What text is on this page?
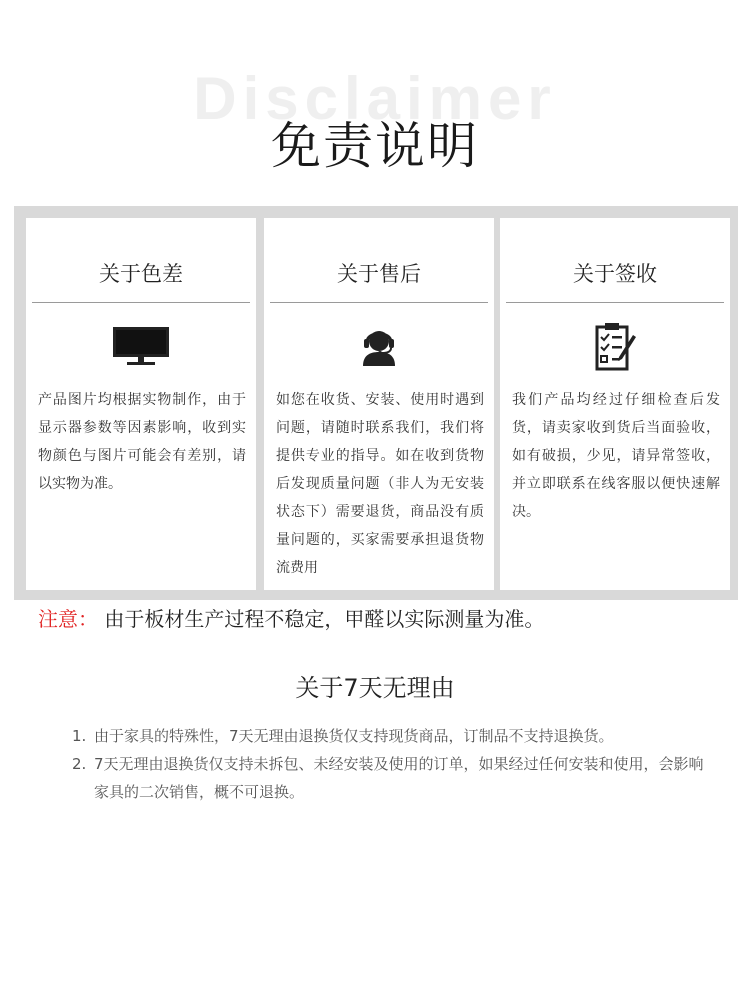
Disclaimer
免责说明
关于色差
产品图片均根据实物制作，由于显示器参数等因素影响，收到实物颜色与图片可能会有差别，请以实物为准。
关于售后
如您在收货、安装、使用时遇到问题，请随时联系我们，我们将提供专业的指导。如在收到货物后发现质量问题（非人为无安装状态下）需要退货，商品没有质量问题的，买家需要承担退货物流费用
关于签收
我们产品均经过仔细检查后发货，请卖家收到货后当面验收，如有破损，少见，请异常签收，并立即联系在线客服以便快速解决。
注意： 由于板材生产过程不稳定，甲醛以实际测量为准。
关于7天无理由
1. 由于家具的特殊性，7天无理由退换货仅支持现货商品，订制品不支持退换货。
2. 7天无理由退换货仅支持未拆包、未经安装及使用的订单，如果经过任何安装和使用，会影响家具的二次销售，概不可退换。
